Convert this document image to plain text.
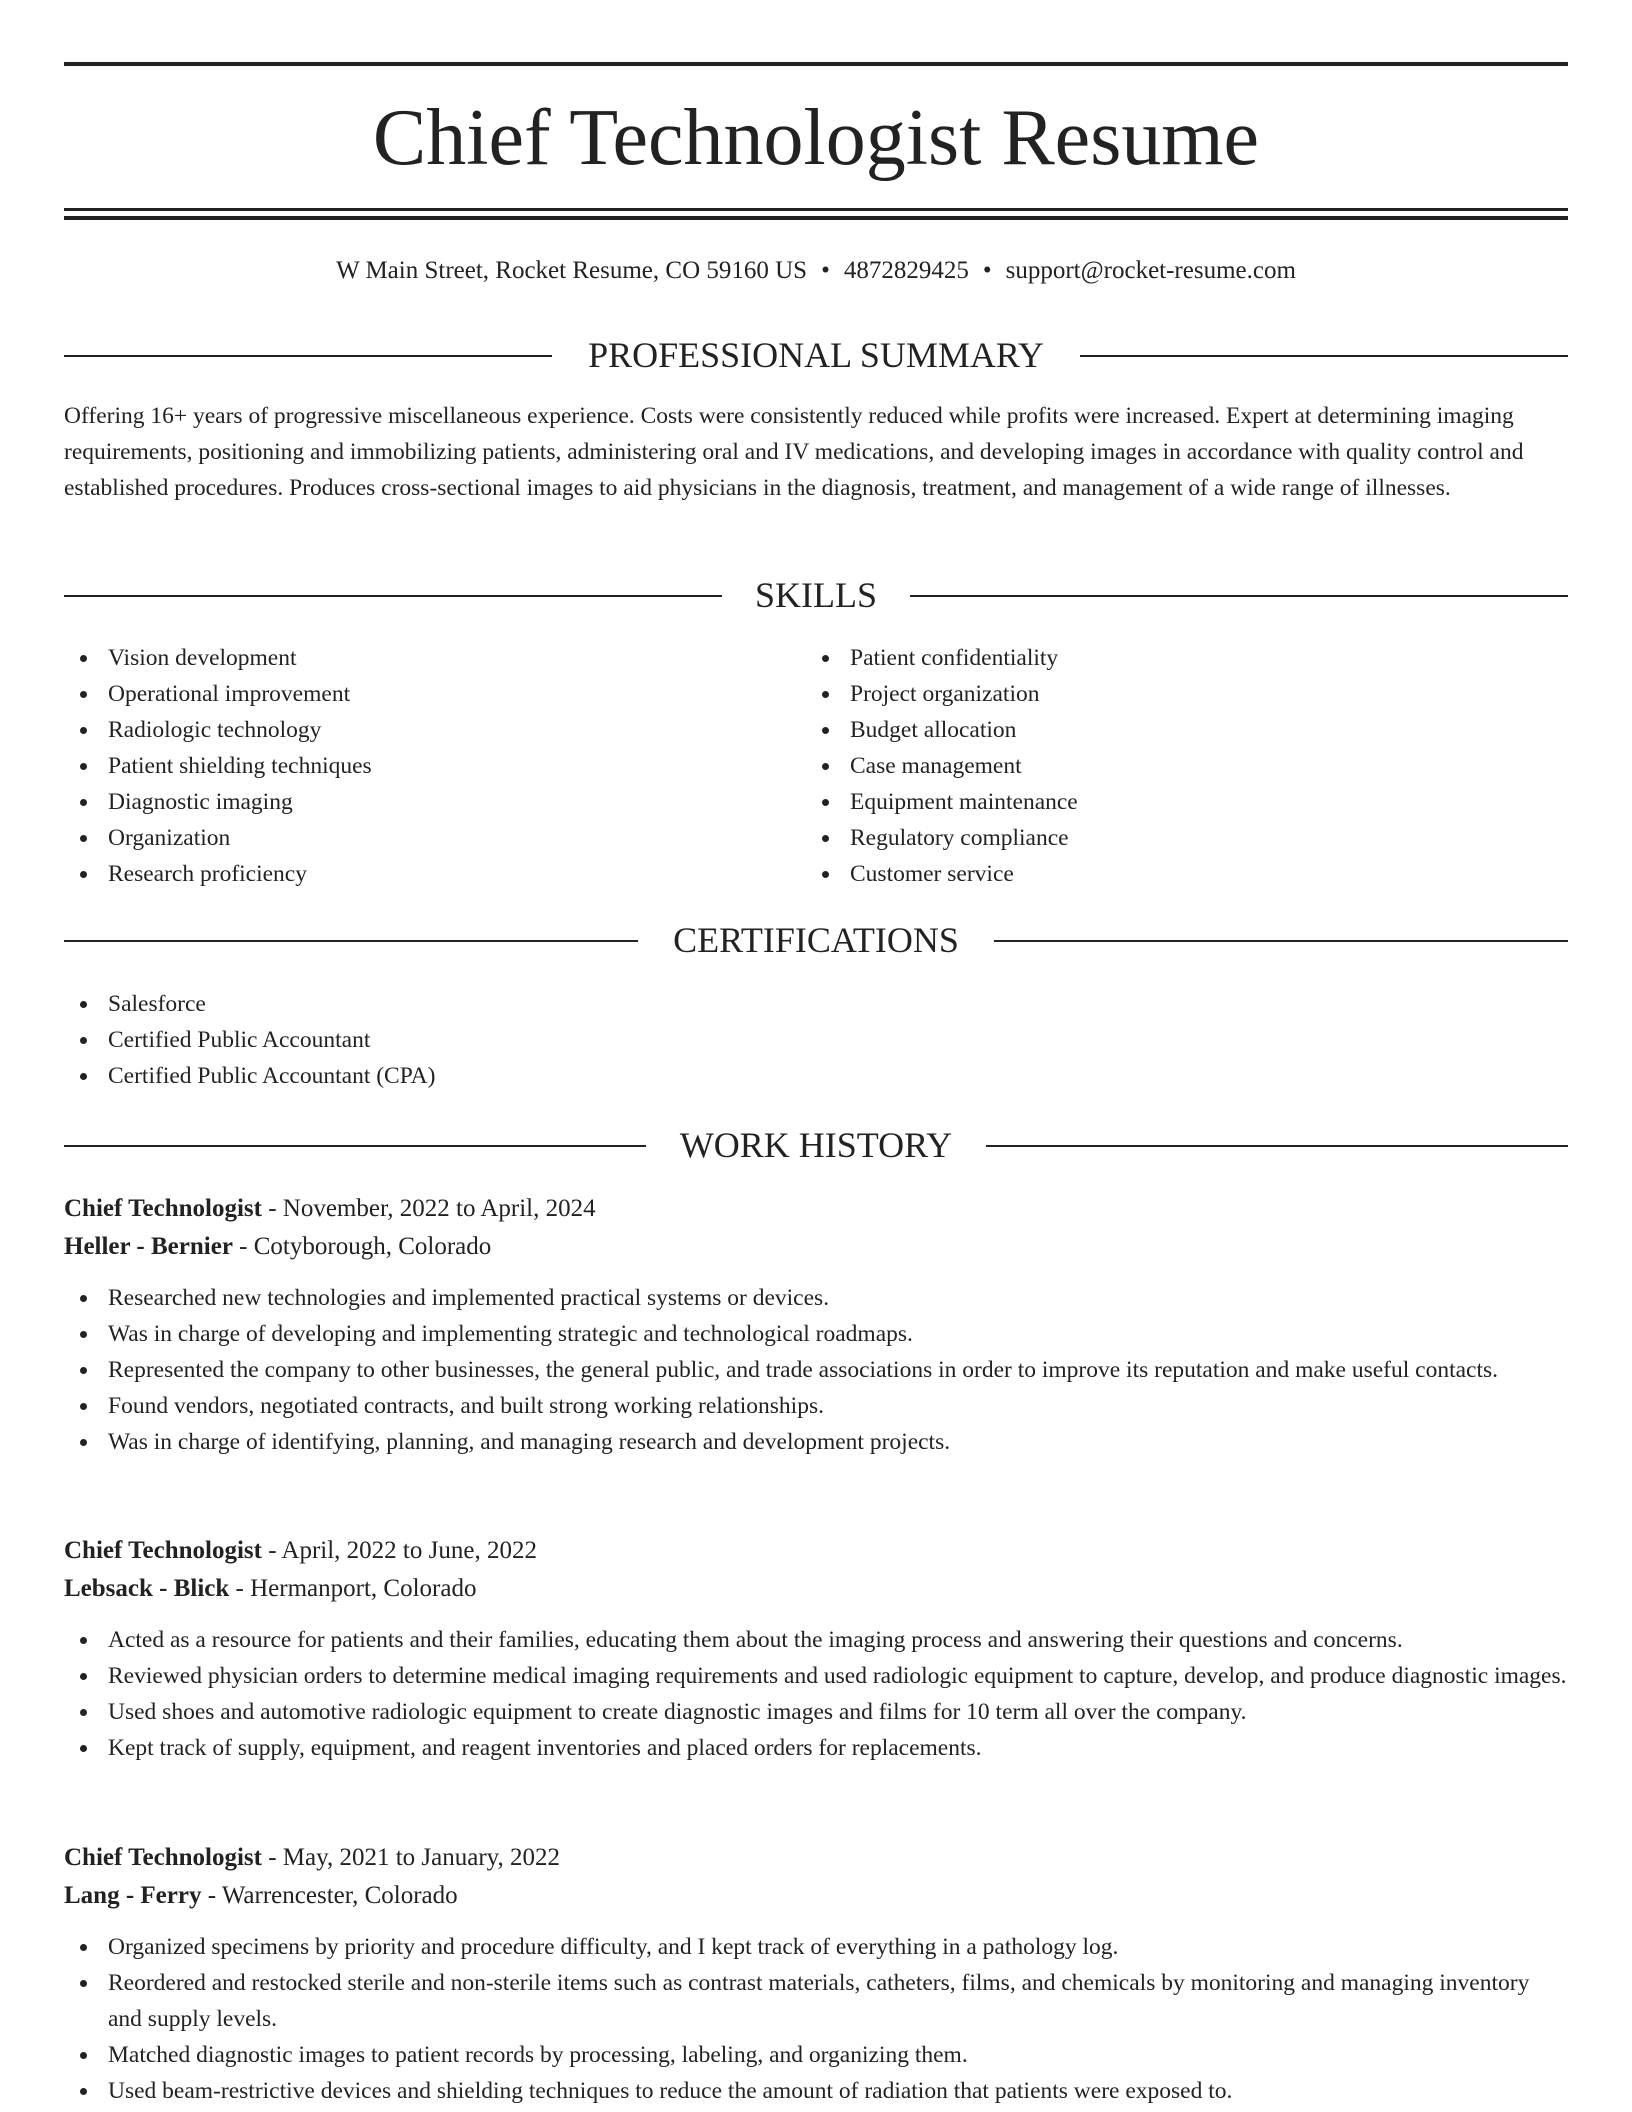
Chief Technologist Resume
W Main Street, Rocket Resume, CO 59160 US • 4872829425 • support@rocket-resume.com
PROFESSIONAL SUMMARY
Offering 16+ years of progressive miscellaneous experience. Costs were consistently reduced while profits were increased. Expert at determining imaging requirements, positioning and immobilizing patients, administering oral and IV medications, and developing images in accordance with quality control and established procedures. Produces cross-sectional images to aid physicians in the diagnosis, treatment, and management of a wide range of illnesses.
SKILLS
Vision development
Operational improvement
Radiologic technology
Patient shielding techniques
Diagnostic imaging
Organization
Research proficiency
Patient confidentiality
Project organization
Budget allocation
Case management
Equipment maintenance
Regulatory compliance
Customer service
CERTIFICATIONS
Salesforce
Certified Public Accountant
Certified Public Accountant (CPA)
WORK HISTORY
Chief Technologist - November, 2022 to April, 2024
Heller - Bernier - Cotyborough, Colorado
Researched new technologies and implemented practical systems or devices.
Was in charge of developing and implementing strategic and technological roadmaps.
Represented the company to other businesses, the general public, and trade associations in order to improve its reputation and make useful contacts.
Found vendors, negotiated contracts, and built strong working relationships.
Was in charge of identifying, planning, and managing research and development projects.
Chief Technologist - April, 2022 to June, 2022
Lebsack - Blick - Hermanport, Colorado
Acted as a resource for patients and their families, educating them about the imaging process and answering their questions and concerns.
Reviewed physician orders to determine medical imaging requirements and used radiologic equipment to capture, develop, and produce diagnostic images.
Used shoes and automotive radiologic equipment to create diagnostic images and films for 10 term all over the company.
Kept track of supply, equipment, and reagent inventories and placed orders for replacements.
Chief Technologist - May, 2021 to January, 2022
Lang - Ferry - Warrencester, Colorado
Organized specimens by priority and procedure difficulty, and I kept track of everything in a pathology log.
Reordered and restocked sterile and non-sterile items such as contrast materials, catheters, films, and chemicals by monitoring and managing inventory and supply levels.
Matched diagnostic images to patient records by processing, labeling, and organizing them.
Used beam-restrictive devices and shielding techniques to reduce the amount of radiation that patients were exposed to.
